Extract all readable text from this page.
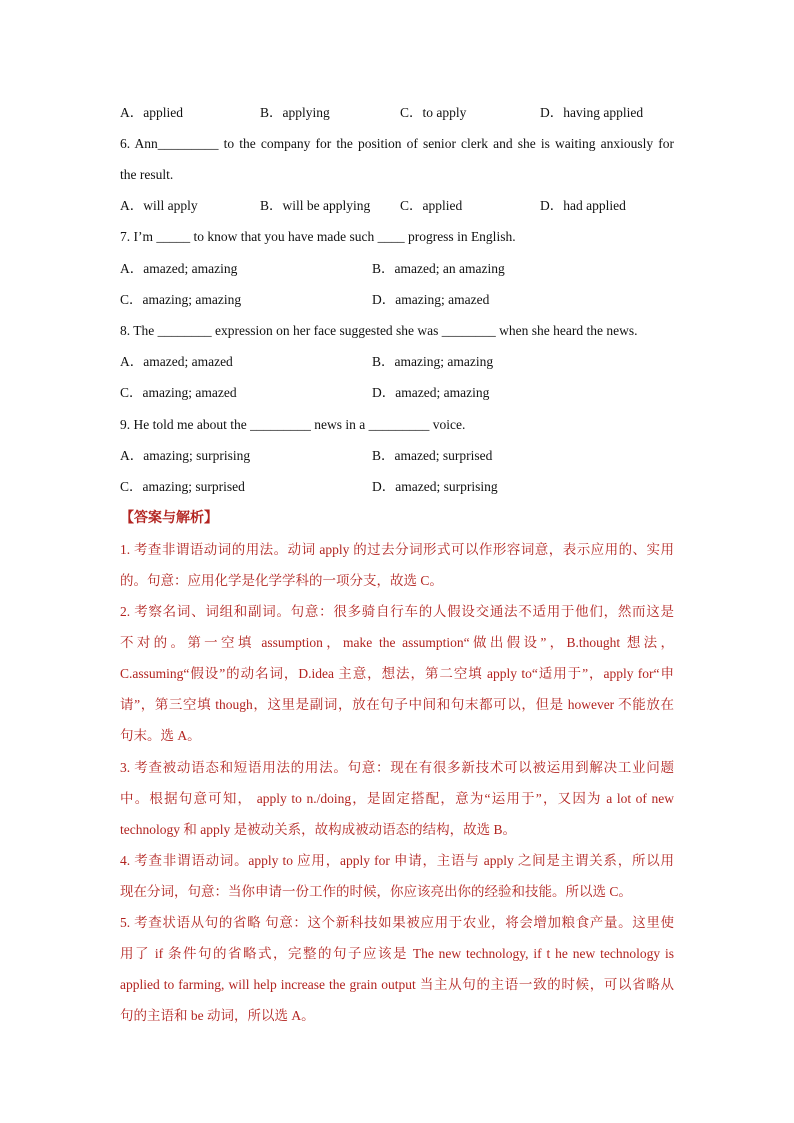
A．applied	B．applying	C．to apply	D．having applied
6. Ann_________ to the company for the position of senior clerk and she is waiting anxiously for
the result.
A．will apply	B．will be applying C．applied	D．had applied
7. I’m _____ to know that you have made such ____ progress in English.
A．amazed; amazing	B．amazed; an amazing
C．amazing; amazing	D．amazing; amazed
8. The ________ expression on her face suggested she was ________ when she heard the news.
A．amazed; amazed	B．amazing; amazing
C．amazing; amazed	D．amazed; amazing
9. He told me about the _________ news in a _________ voice.
A．amazing; surprising	B．amazed; surprised
C．amazing; surprised	D．amazed; surprising
【答案与解析】
1. 考查非谓语动词的用法。动词 apply 的过去分词形式可以作形容词意，表示应用的、实用
的。句意：应用化学是化学学科的一项分支，故选 C。
2. 考察名词、词组和副词。句意：很多骑自行车的人假设交通法不适用于他们，然而这是
不对的。第一空填 assumption，make the assumption“做出假设”，B.thought 想法，
C.assuming“假设”的动名词，D.idea 主意，想法，第二空填 apply to“适用于”，apply for“申
请”，第三空填 though，这里是副词，放在句子中间和句末都可以，但是 however 不能放在
句末。选 A。
3. 考查被动语态和短语用法的用法。句意：现在有很多新技术可以被运用到解决工业问题
中。根据句意可知， apply to n./doing，是固定搭配，意为“运用于”，又因为 a lot of new
technology 和 apply 是被动关系，故构成被动语态的结构，故选 B。
4. 考查非谓语动词。apply to 应用，apply for 申请，主语与 apply 之间是主谓关系，所以用
现在分词，句意：当你申请一份工作的时候，你应该亮出你的经验和技能。所以选 C。
5. 考查状语从句的省略 句意：这个新科技如果被应用于农业，将会增加粮食产量。这里使
用了 if 条件句的省略式，完整的句子应该是 The new technology, if t he new technology is
applied to farming, will help increase the grain output 当主从句的主语一致的时候，可以省略从
句的主语和 be 动词，所以选 A。
